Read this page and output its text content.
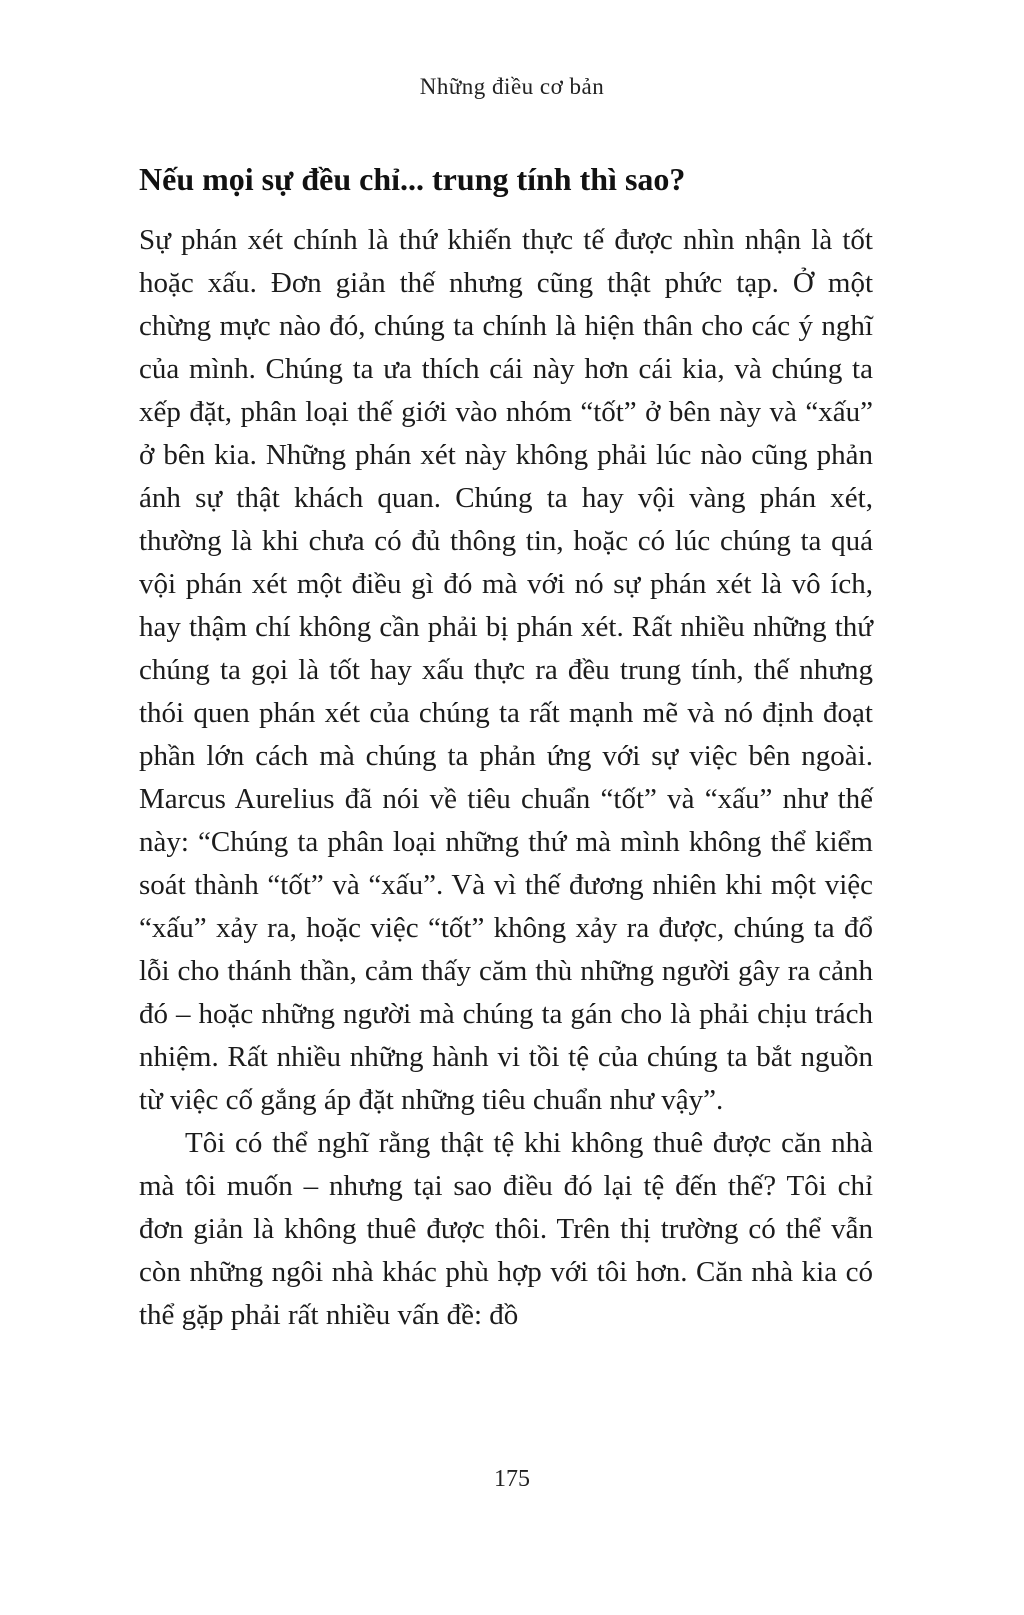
Những điều cơ bản
Nếu mọi sự đều chỉ... trung tính thì sao?

Sự phán xét chính là thứ khiến thực tế được nhìn nhận là tốt hoặc xấu. Đơn giản thế nhưng cũng thật phức tạp. Ở một chừng mực nào đó, chúng ta chính là hiện thân cho các ý nghĩ của mình. Chúng ta ưa thích cái này hơn cái kia, và chúng ta xếp đặt, phân loại thế giới vào nhóm “tốt” ở bên này và “xấu” ở bên kia. Những phán xét này không phải lúc nào cũng phản ánh sự thật khách quan. Chúng ta hay vội vàng phán xét, thường là khi chưa có đủ thông tin, hoặc có lúc chúng ta quá vội phán xét một điều gì đó mà với nó sự phán xét là vô ích, hay thậm chí không cần phải bị phán xét. Rất nhiều những thứ chúng ta gọi là tốt hay xấu thực ra đều trung tính, thế nhưng thói quen phán xét của chúng ta rất mạnh mẽ và nó định đoạt phần lớn cách mà chúng ta phản ứng với sự việc bên ngoài. Marcus Aurelius đã nói về tiêu chuẩn “tốt” và “xấu” như thế này: “Chúng ta phân loại những thứ mà mình không thể kiểm soát thành “tốt” và “xấu”. Và vì thế đương nhiên khi một việc “xấu” xảy ra, hoặc việc “tốt” không xảy ra được, chúng ta đổ lỗi cho thánh thần, cảm thấy căm thù những người gây ra cảnh đó – hoặc những người mà chúng ta gán cho là phải chịu trách nhiệm. Rất nhiều những hành vi tồi tệ của chúng ta bắt nguồn từ việc cố gắng áp đặt những tiêu chuẩn như vậy”.

Tôi có thể nghĩ rằng thật tệ khi không thuê được căn nhà mà tôi muốn – nhưng tại sao điều đó lại tệ đến thế? Tôi chỉ đơn giản là không thuê được thôi. Trên thị trường có thể vẫn còn những ngôi nhà khác phù hợp với tôi hơn. Căn nhà kia có thể gặp phải rất nhiều vấn đề: đồ

175
